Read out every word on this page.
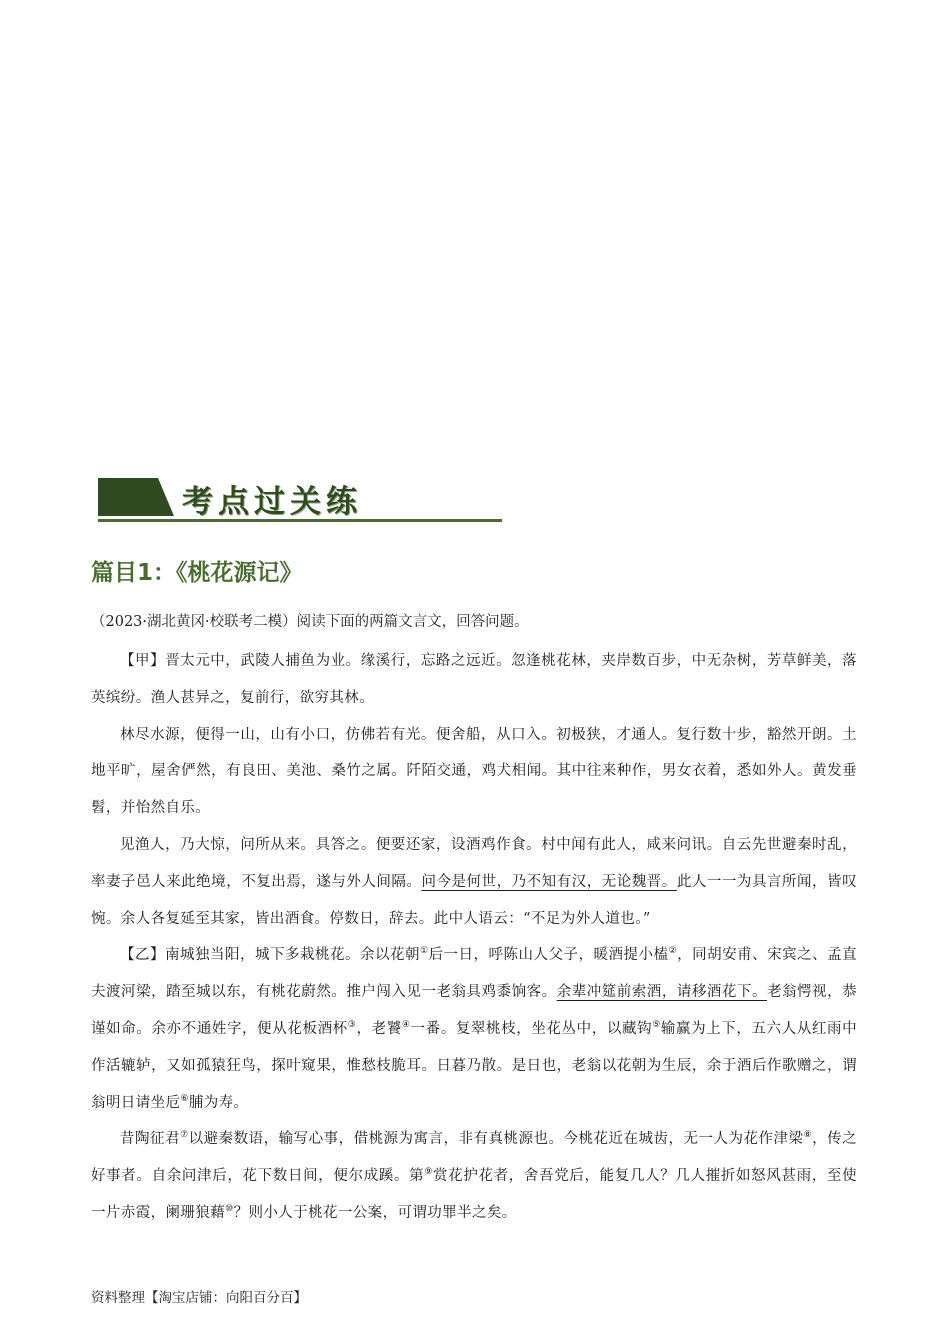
考点过关练
篇目1：《桃花源记》
（2023·湖北黄冈·校联考二模）阅读下面的两篇文言文，回答问题。

【甲】晋太元中，武陵人捕鱼为业。缘溪行，忘路之远近。忽逢桃花林，夹岸数百步，中无杂树，芳草鲜美，落英缤纷。渔人甚异之，复前行，欲穷其林。

林尽水源，便得一山，山有小口，仿佛若有光。便舍船，从口入。初极狭，才通人。复行数十步，豁然开朗。土地平旷，屋舍俨然，有良田、美池、桑竹之属。阡陌交通，鸡犬相闻。其中往来种作，男女衣着，悉如外人。黄发垂髫，并怡然自乐。

见渔人，乃大惊，问所从来。具答之。便要还家，设酒鸡作食。村中闻有此人，咸来问讯。自云先世避秦时乱，率妻子邑人来此绝境，不复出焉，遂与外人间隔。问今是何世，乃不知有汉，无论魏晋。此人一一为具言所闻，皆叹惋。余人各复延至其家，皆出酒食。停数日，辞去。此中人语云：“不足为外人道也。”

【乙】南城独当阳，城下多栽桃花。余以花朝①后一日，呼陈山人父子，暖酒提小榼②，同胡安甫、宋宾之、孟直夫渡河梁，踏至城以东，有桃花蔚然。推户闯入见一老翁具鸡黍饷客。余辈冲筵前索酒，请移酒花下。老翁愕视，恭谨如命。余亦不通姓字，便从花板酒杯③，老饕④一番。复翠桃枝，坐花丛中，以藏钩⑤输赢为上下，五六人从红雨中作活辘轳，又如孤猿狂鸟，探叶窥果，惟愁枝脆耳。日暮乃散。是日也，老翁以花朝为生辰，余于酒后作歌赠之，谓翁明日请坐卮⑥脯为寿。

昔陶征君⑦以避秦数语，输写心事，借桃源为寓言，非有真桃源也。今桃花近在城齿，无一人为花作津梁⑧，传之好事者。自余问津后，花下数日间，便尔成蹊。第⑨赏花护花者，舍吾党后，能复几人？几人摧折如怒风甚雨，至使一片赤霞，阑珊狼藉⑩？则小人于桃花一公案，可谓功罪半之矣。

资料整理【淘宝店铺：向阳百分百】
